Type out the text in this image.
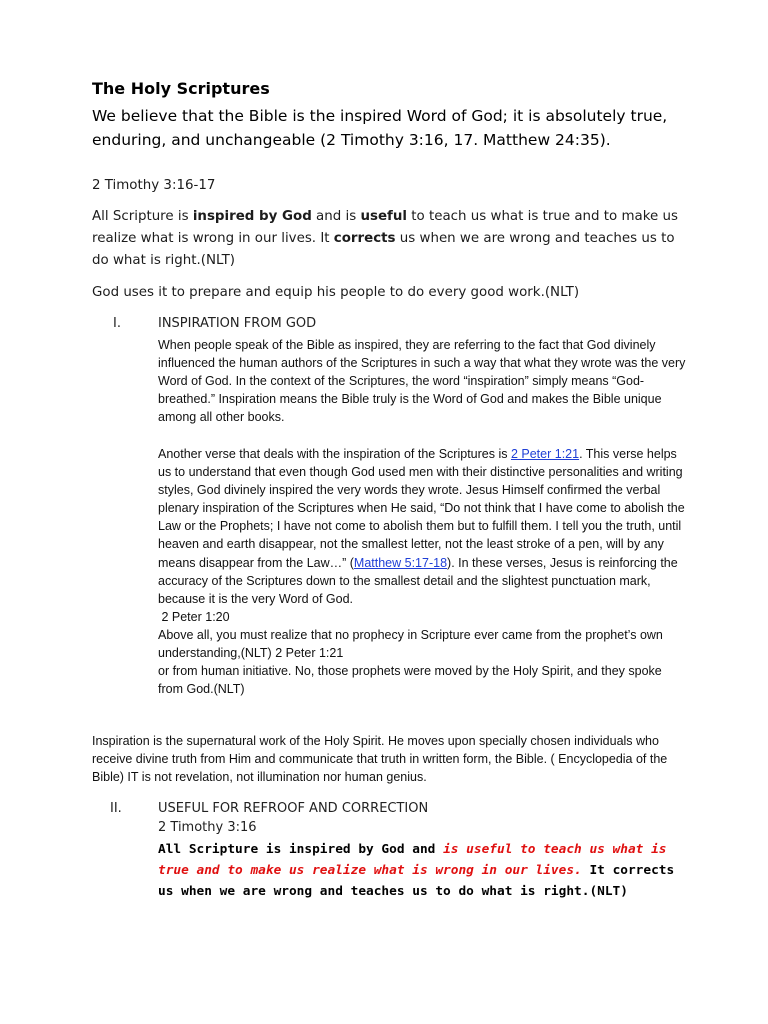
The Holy Scriptures
We believe that the Bible is the inspired Word of God; it is absolutely true, enduring, and unchangeable (2 Timothy 3:16, 17. Matthew 24:35).
2 Timothy 3:16-17
All Scripture is inspired by God and is useful to teach us what is true and to make us realize what is wrong in our lives. It corrects us when we are wrong and teaches us to do what is right.(NLT)
God uses it to prepare and equip his people to do every good work.(NLT)
I.	INSPIRATION FROM GOD
When people speak of the Bible as inspired, they are referring to the fact that God divinely influenced the human authors of the Scriptures in such a way that what they wrote was the very Word of God. In the context of the Scriptures, the word “inspiration” simply means “God-breathed.” Inspiration means the Bible truly is the Word of God and makes the Bible unique among all other books.
Another verse that deals with the inspiration of the Scriptures is 2 Peter 1:21. This verse helps us to understand that even though God used men with their distinctive personalities and writing styles, God divinely inspired the very words they wrote. Jesus Himself confirmed the verbal plenary inspiration of the Scriptures when He said, “Do not think that I have come to abolish the Law or the Prophets; I have not come to abolish them but to fulfill them. I tell you the truth, until heaven and earth disappear, not the smallest letter, not the least stroke of a pen, will by any means disappear from the Law…” (Matthew 5:17-18). In these verses, Jesus is reinforcing the accuracy of the Scriptures down to the smallest detail and the slightest punctuation mark, because it is the very Word of God.
2 Peter 1:20
Above all, you must realize that no prophecy in Scripture ever came from the prophet’s own understanding,(NLT) 2 Peter 1:21
or from human initiative. No, those prophets were moved by the Holy Spirit, and they spoke from God.(NLT)
Inspiration is the supernatural work of the Holy Spirit. He moves upon specially chosen individuals who receive divine truth from Him and communicate that truth in written form, the Bible. ( Encyclopedia of the Bible) IT is not revelation, not illumination nor human genius.
II.	USEFUL FOR REFROOF AND CORRECTION
2 Timothy 3:16
All Scripture is inspired by God and is useful to teach us what is true and to make us realize what is wrong in our lives. It corrects us when we are wrong and teaches us to do what is right.(NLT)
